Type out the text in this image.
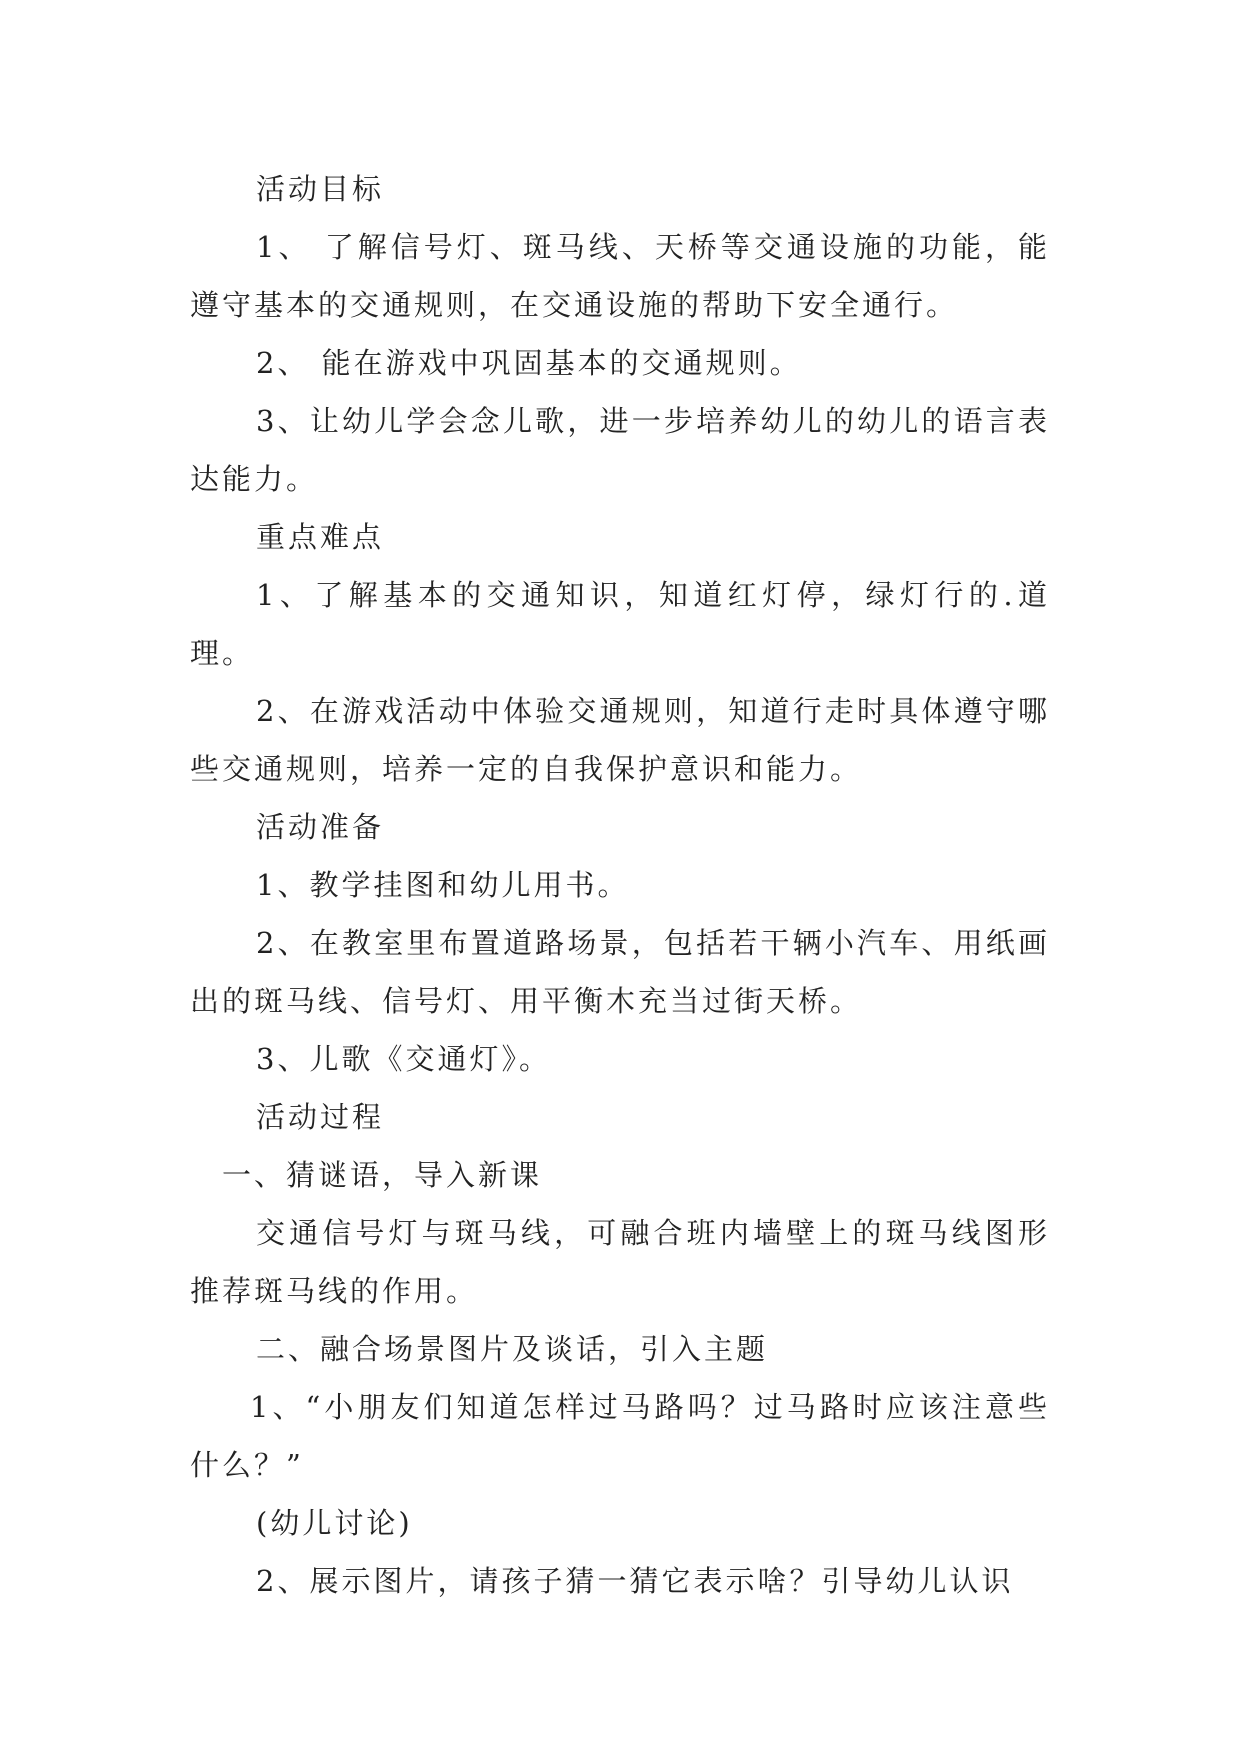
活动目标

1、 了解信号灯、斑马线、天桥等交通设施的功能，能遵守基本的交通规则，在交通设施的帮助下安全通行。

2、 能在游戏中巩固基本的交通规则。

3、让幼儿学会念儿歌，进一步培养幼儿的幼儿的语言表达能力。

重点难点

1、了解基本的交通知识，知道红灯停，绿灯行的.道理。

2、在游戏活动中体验交通规则，知道行走时具体遵守哪些交通规则，培养一定的自我保护意识和能力。

活动准备

1、教学挂图和幼儿用书。

2、在教室里布置道路场景，包括若干辆小汽车、用纸画出的斑马线、信号灯、用平衡木充当过街天桥。

3、儿歌《交通灯》。

活动过程

一、猜谜语，导入新课

交通信号灯与斑马线，可融合班内墙壁上的斑马线图形推荐斑马线的作用。

二、融合场景图片及谈话，引入主题

1、“小朋友们知道怎样过马路吗？过马路时应该注意些什么？”

(幼儿讨论)

2、展示图片，请孩子猜一猜它表示啥？引导幼儿认识
